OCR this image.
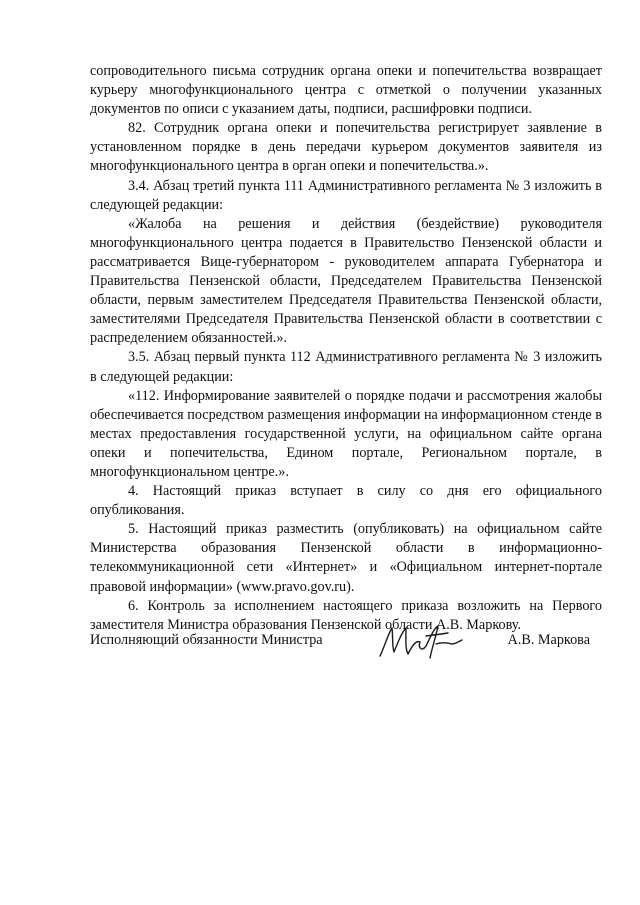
сопроводительного письма сотрудник органа опеки и попечительства возвращает курьеру многофункционального центра с отметкой о получении указанных документов по описи с указанием даты, подписи, расшифровки подписи.

82. Сотрудник органа опеки и попечительства регистрирует заявление в установленном порядке в день передачи курьером документов заявителя из многофункционального центра в орган опеки и попечительства.».

3.4. Абзац третий пункта 111 Административного регламента № 3 изложить в следующей редакции:

«Жалоба на решения и действия (бездействие) руководителя многофункционального центра подается в Правительство Пензенской области и рассматривается Вице-губернатором - руководителем аппарата Губернатора и Правительства Пензенской области, Председателем Правительства Пензенской области, первым заместителем Председателя Правительства Пензенской области, заместителями Председателя Правительства Пензенской области в соответствии с распределением обязанностей.».

3.5. Абзац первый пункта 112 Административного регламента № 3 изложить в следующей редакции:

«112. Информирование заявителей о порядке подачи и рассмотрения жалобы обеспечивается посредством размещения информации на информационном стенде в местах предоставления государственной услуги, на официальном сайте органа опеки и попечительства, Едином портале, Региональном портале, в многофункциональном центре.».

4. Настоящий приказ вступает в силу со дня его официального опубликования.

5. Настоящий приказ разместить (опубликовать) на официальном сайте Министерства образования Пензенской области в информационно-телекоммуникационной сети «Интернет» и «Официальном интернет-портале правовой информации» (www.pravo.gov.ru).

6. Контроль за исполнением настоящего приказа возложить на Первого заместителя Министра образования Пензенской области А.В. Маркову.

Исполняющий обязанности Министра	А.В. Маркова
